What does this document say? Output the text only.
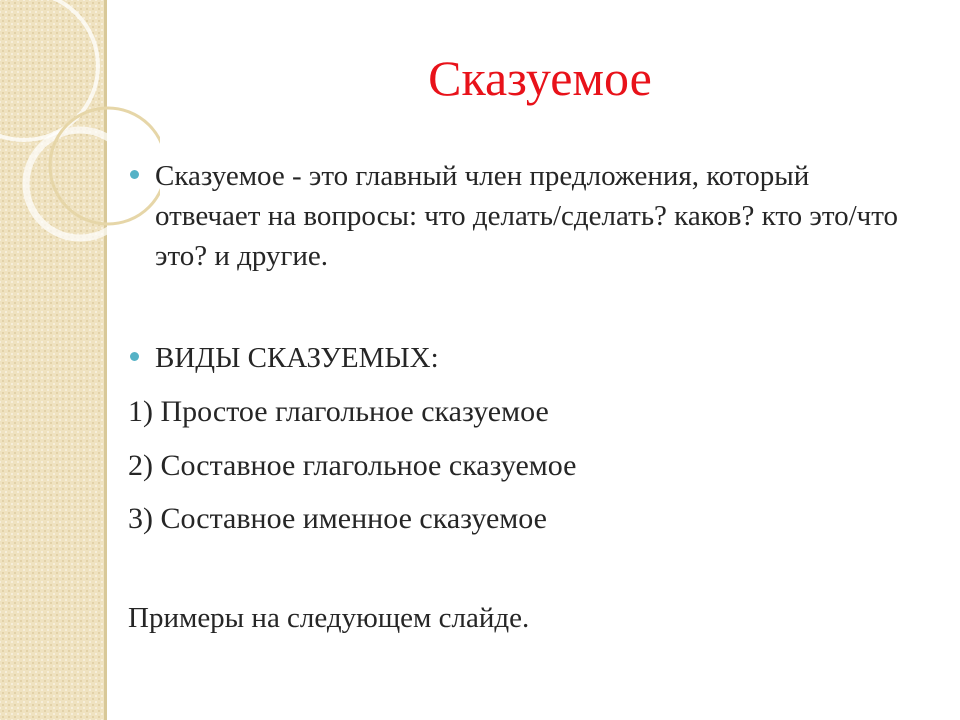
Сказуемое
Сказуемое - это главный член предложения, который отвечает на вопросы: что делать/сделать? каков? кто это/что это? и другие.
ВИДЫ СКАЗУЕМЫХ:
1) Простое глагольное сказуемое
2) Составное глагольное сказуемое
3) Составное именное сказуемое
Примеры на следующем слайде.
